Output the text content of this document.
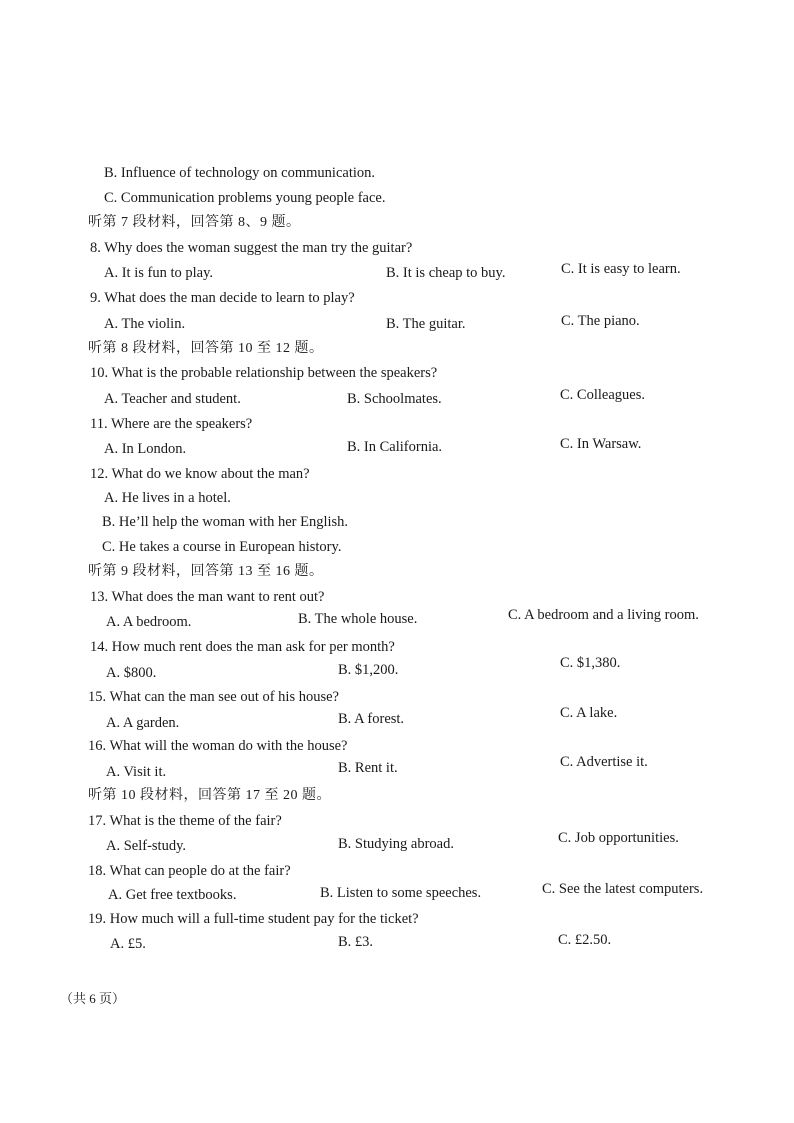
B. Influence of technology on communication.
C. Communication problems young people face.
听第 7 段材料，回答第 8、9 题。
8. Why does the woman suggest the man try the guitar?
A. It is fun to play.	B. It is cheap to buy.	C. It is easy to learn.
9. What does the man decide to learn to play?
A. The violin.	B. The guitar.	C. The piano.
听第 8 段材料，回答第 10 至 12 题。
10. What is the probable relationship between the speakers?
A. Teacher and student.	B. Schoolmates.	C. Colleagues.
11. Where are the speakers?
A. In London.	B. In California.	C. In Warsaw.
12. What do we know about the man?
A. He lives in a hotel.
B. He’ll help the woman with her English.
C. He takes a course in European history.
听第 9 段材料，回答第 13 至 16 题。
13. What does the man want to rent out?
A. A bedroom.	B. The whole house.	C. A bedroom and a living room.
14. How much rent does the man ask for per month?
A. $800.	B. $1,200.	C. $1,380.
15. What can the man see out of his house?
A. A garden.	B. A forest.	C. A lake.
16. What will the woman do with the house?
A. Visit it.	B. Rent it.	C. Advertise it.
听第 10 段材料，回答第 17 至 20 题。
17. What is the theme of the fair?
A. Self-study.	B. Studying abroad.	C. Job opportunities.
18. What can people do at the fair?
A. Get free textbooks.	B. Listen to some speeches.	C. See the latest computers.
19. How much will a full-time student pay for the ticket?
A. £5.	B. £3.	C. £2.50.
（共 6 页）
